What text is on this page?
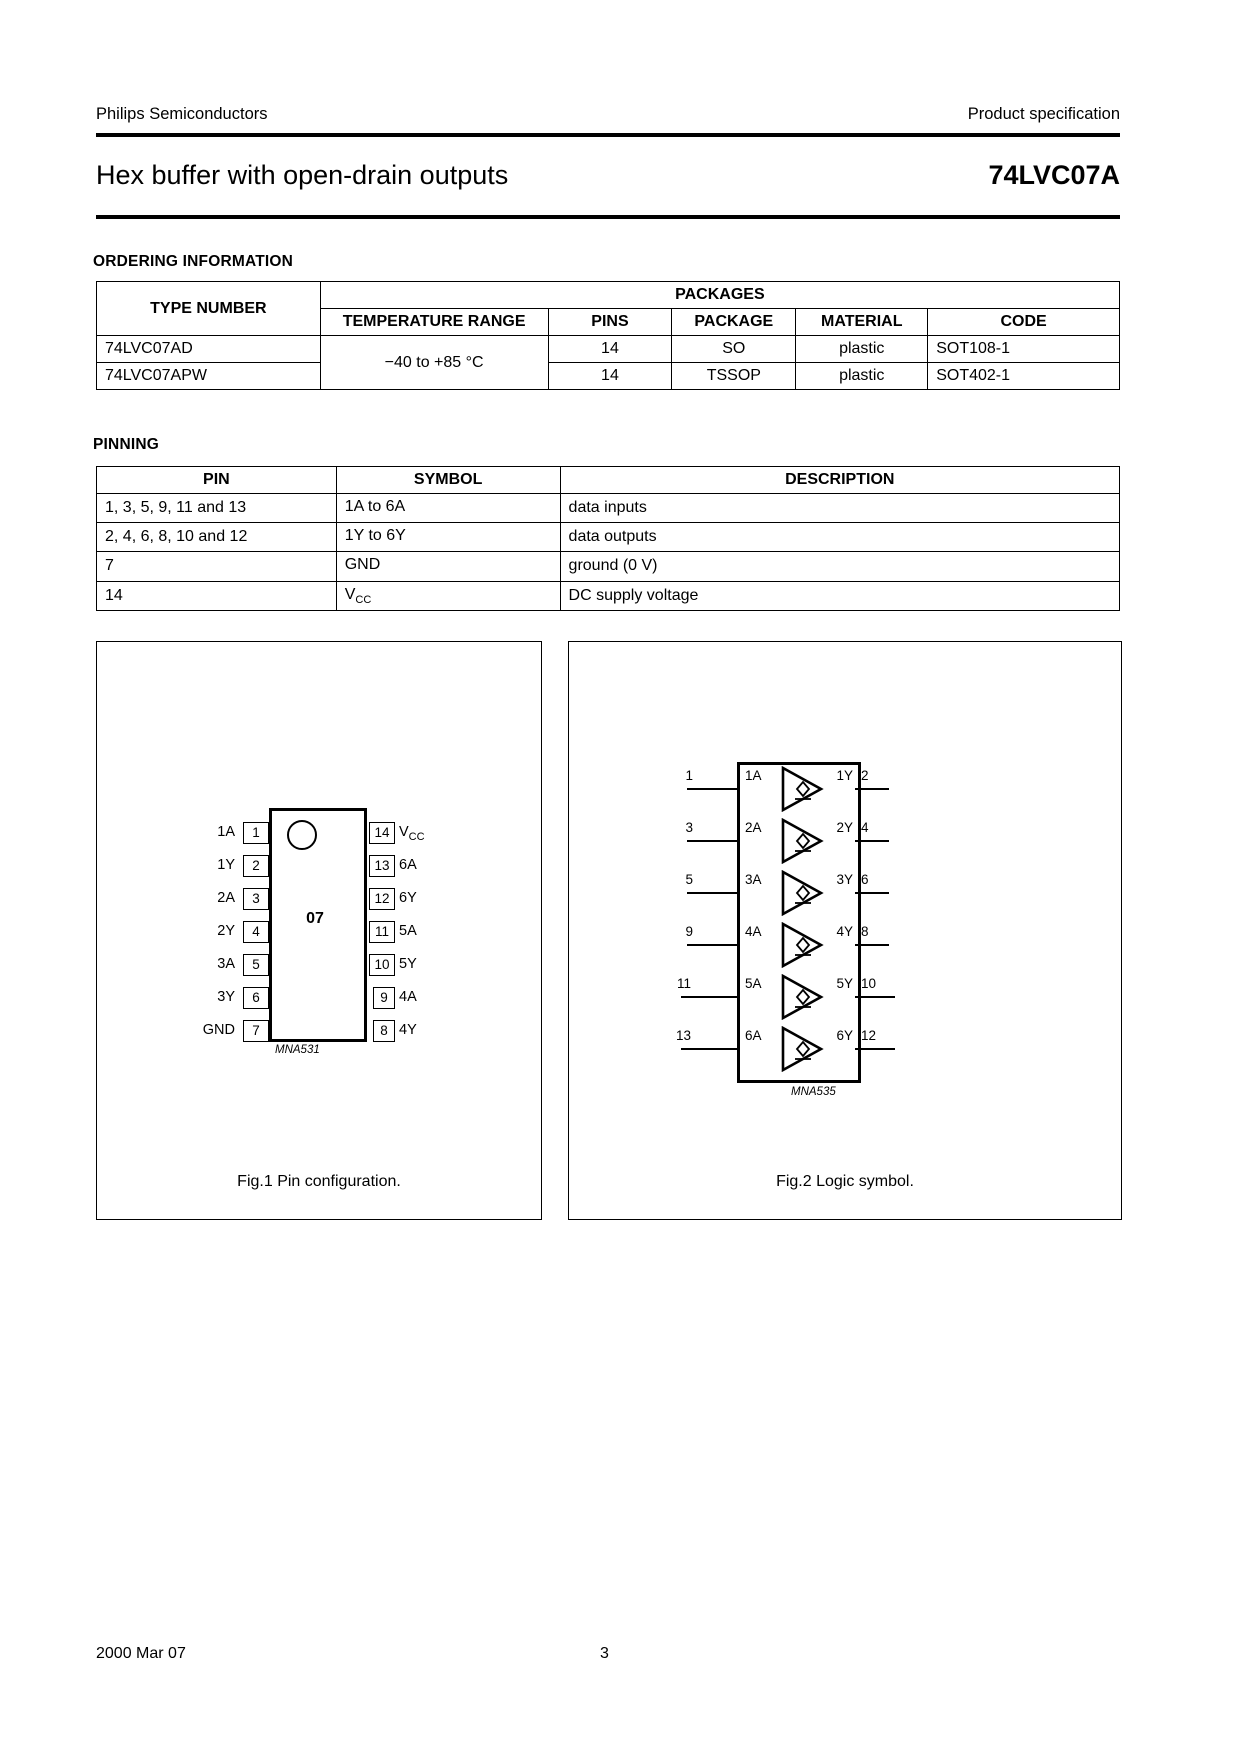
Philips Semiconductors	Product specification
Hex buffer with open-drain outputs	74LVC07A
ORDERING INFORMATION
TYPE NUMBER	PACKAGES				
	TEMPERATURE RANGE	PINS	PACKAGE	MATERIAL	CODE
74LVC07AD	−40 to +85 °C	14	SO	plastic	SOT108-1
74LVC07APW		14	TSSOP	plastic	SOT402-1
PINNING
PIN	SYMBOL	DESCRIPTION
1, 3, 5, 9, 11 and 13	1A to 6A	data inputs
2, 4, 6, 8, 10 and 12	1Y to 6Y	data outputs
7	GND	ground (0 V)
14	$V_{CC}$	DC supply voltage
07
1
1A
2
1Y
3
2A
4
2Y
5
3A
6
3Y
7
GND
14 $V_{CC}$
13 6A
12 6Y
11 5A
10 5Y
9 4A
8 4Y
MNA531
Fig.1 Pin configuration.
1	1A	1Y 2
3	2A	2Y 4
5	3A	3Y 6
9	4A	4Y 8
11	5A	5Y 10
13	6A	6Y 12
MNA535
Fig.2 Logic symbol.
2000 Mar 07	3
